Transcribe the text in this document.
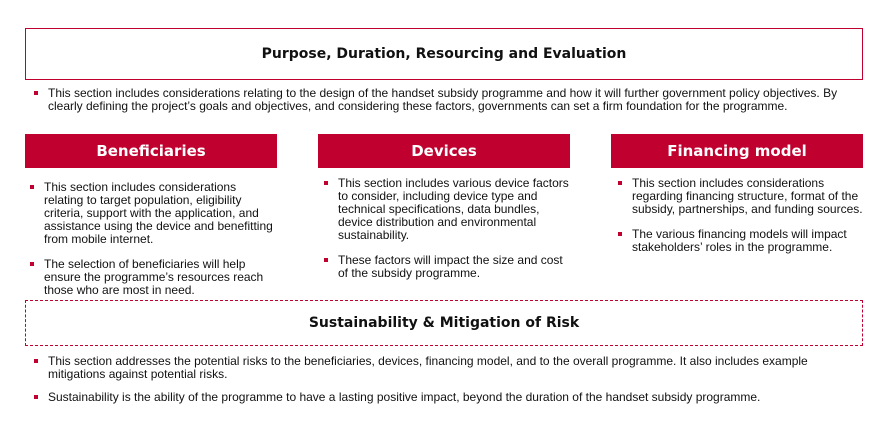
Purpose, Duration, Resourcing and Evaluation
This section includes considerations relating to the design of the handset subsidy programme and how it will further government policy objectives. By clearly defining the project’s goals and objectives, and considering these factors, governments can set a firm foundation for the programme.
Beneficiaries	Devices	Financing model
This section includes considerations relating to target population, eligibility criteria, support with the application, and assistance using the device and benefitting from mobile internet.
The selection of beneficiaries will help ensure the programme’s resources reach those who are most in need.
This section includes various device factors to consider, including device type and technical specifications, data bundles, device distribution and environmental sustainability.
These factors will impact the size and cost of the subsidy programme.
This section includes considerations regarding financing structure, format of the subsidy, partnerships, and funding sources.
The various financing models will impact stakeholders’ roles in the programme.
Sustainability & Mitigation of Risk
This section addresses the potential risks to the beneficiaries, devices, financing model, and to the overall programme. It also includes example mitigations against potential risks.
Sustainability is the ability of the programme to have a lasting positive impact, beyond the duration of the handset subsidy programme.
